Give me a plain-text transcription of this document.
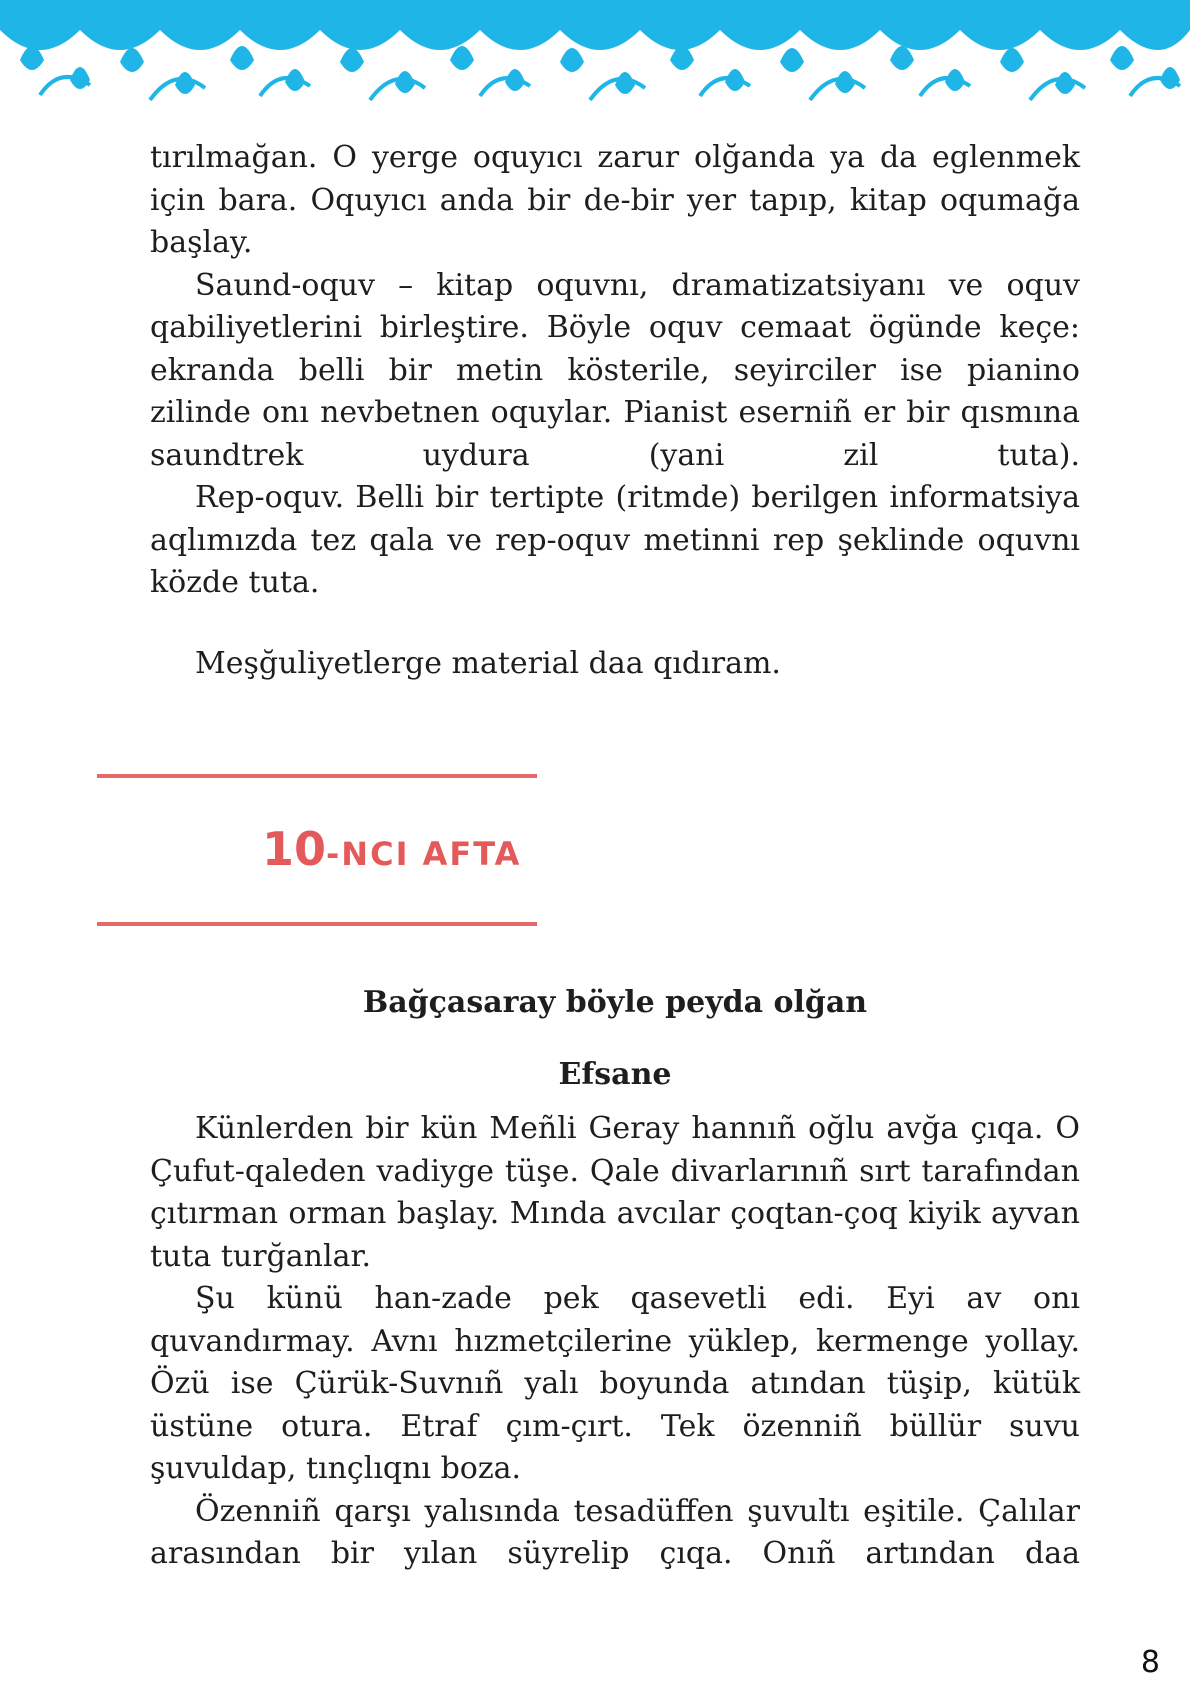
tırılmağan. O yerge oquyıcı zarur olğanda ya da eglenmek için bara. Oquyıcı anda bir de-bir yer tapıp, kitap oqumağa başlay.

Saund-oquv – kitap oquvnı, dramatizatsiyanı ve oquv qabiliyetlerini birleştire. Böyle oquv cemaat ögünde keçe: ekranda belli bir metin kösterile, seyirciler ise pianino zilinde onı nevbetnen oquylar. Pianist eserniñ er bir qısmına saundtrek uydura (yani zil tuta).

Rep-oquv. Belli bir tertipte (ritmde) berilgen informatsiya aqlımızda tez qala ve rep-oquv metinni rep şeklinde oquvnı közde tuta.

Meşğuliyetlerge material daa qıdıram.

10-NCI AFTA
Bağçasaray böyle peyda olğan
Efsane

Künlerden bir kün Meñli Geray hannıñ oğlu avğa çıqa. O Çufut-qaleden vadiyge tüşe. Qale divarlarınıñ sırt tarafından çıtırman orman başlay. Mında avcılar çoqtan-çoq kiyik ayvan tuta turğanlar.

Şu künü han-zade pek qasevetli edi. Eyi av onı quvandırmay. Avnı hızmetçilerine yüklep, kermenge yollay. Özü ise Çürük-Suvnıñ yalı boyunda atından tüşip, kütük üstüne otura. Etraf çım-çırt. Tek özenniñ büllür suvu şuvuldap, tınçlıqnı boza.

Özenniñ qarşı yalısında tesadüffen şuvultı eşitile. Çalılar arasından bir yılan süyrelip çıqa. Onıñ artından daa

8
